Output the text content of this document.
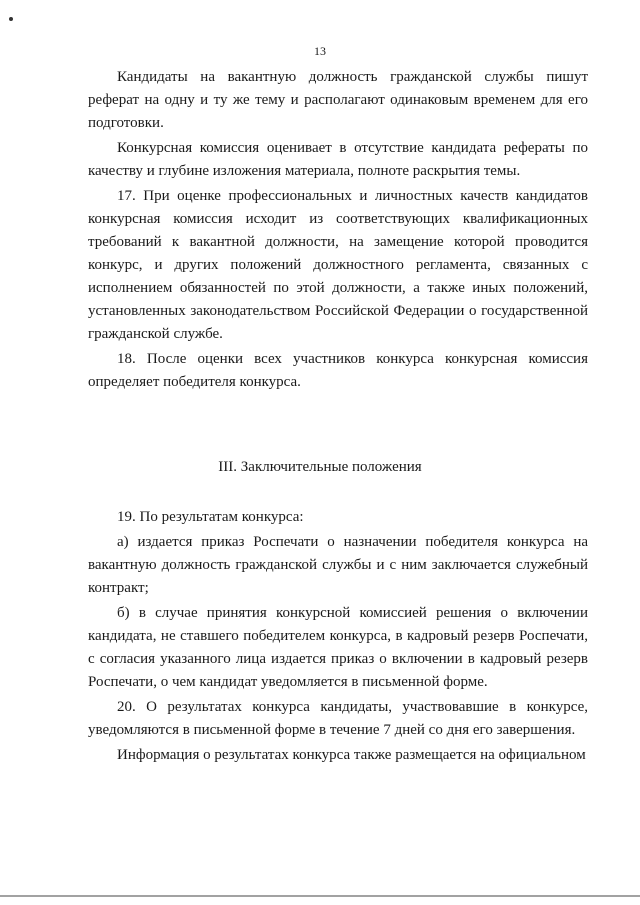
13

Кандидаты на вакантную должность гражданской службы пишут реферат на одну и ту же тему и располагают одинаковым временем для его подготовки.

Конкурсная комиссия оценивает в отсутствие кандидата рефераты по качеству и глубине изложения материала, полноте раскрытия темы.

17. При оценке профессиональных и личностных качеств кандидатов конкурсная комиссия исходит из соответствующих квалификационных требований к вакантной должности, на замещение которой проводится конкурс, и других положений должностного регламента, связанных с исполнением обязанностей по этой должности, а также иных положений, установленных законодательством Российской Федерации о государственной гражданской службе.

18. После оценки всех участников конкурса конкурсная комиссия определяет победителя конкурса.

III. Заключительные положения

19. По результатам конкурса:

а) издается приказ Роспечати о назначении победителя конкурса на вакантную должность гражданской службы и с ним заключается служебный контракт;

б) в случае принятия конкурсной комиссией решения о включении кандидата, не ставшего победителем конкурса, в кадровый резерв Роспечати, с согласия указанного лица издается приказ о включении в кадровый резерв Роспечати, о чем кандидат уведомляется в письменной форме.

20. О результатах конкурса кандидаты, участвовавшие в конкурсе, уведомляются в письменной форме в течение 7 дней со дня его завершения.

Информация о результатах конкурса также размещается на официальном
